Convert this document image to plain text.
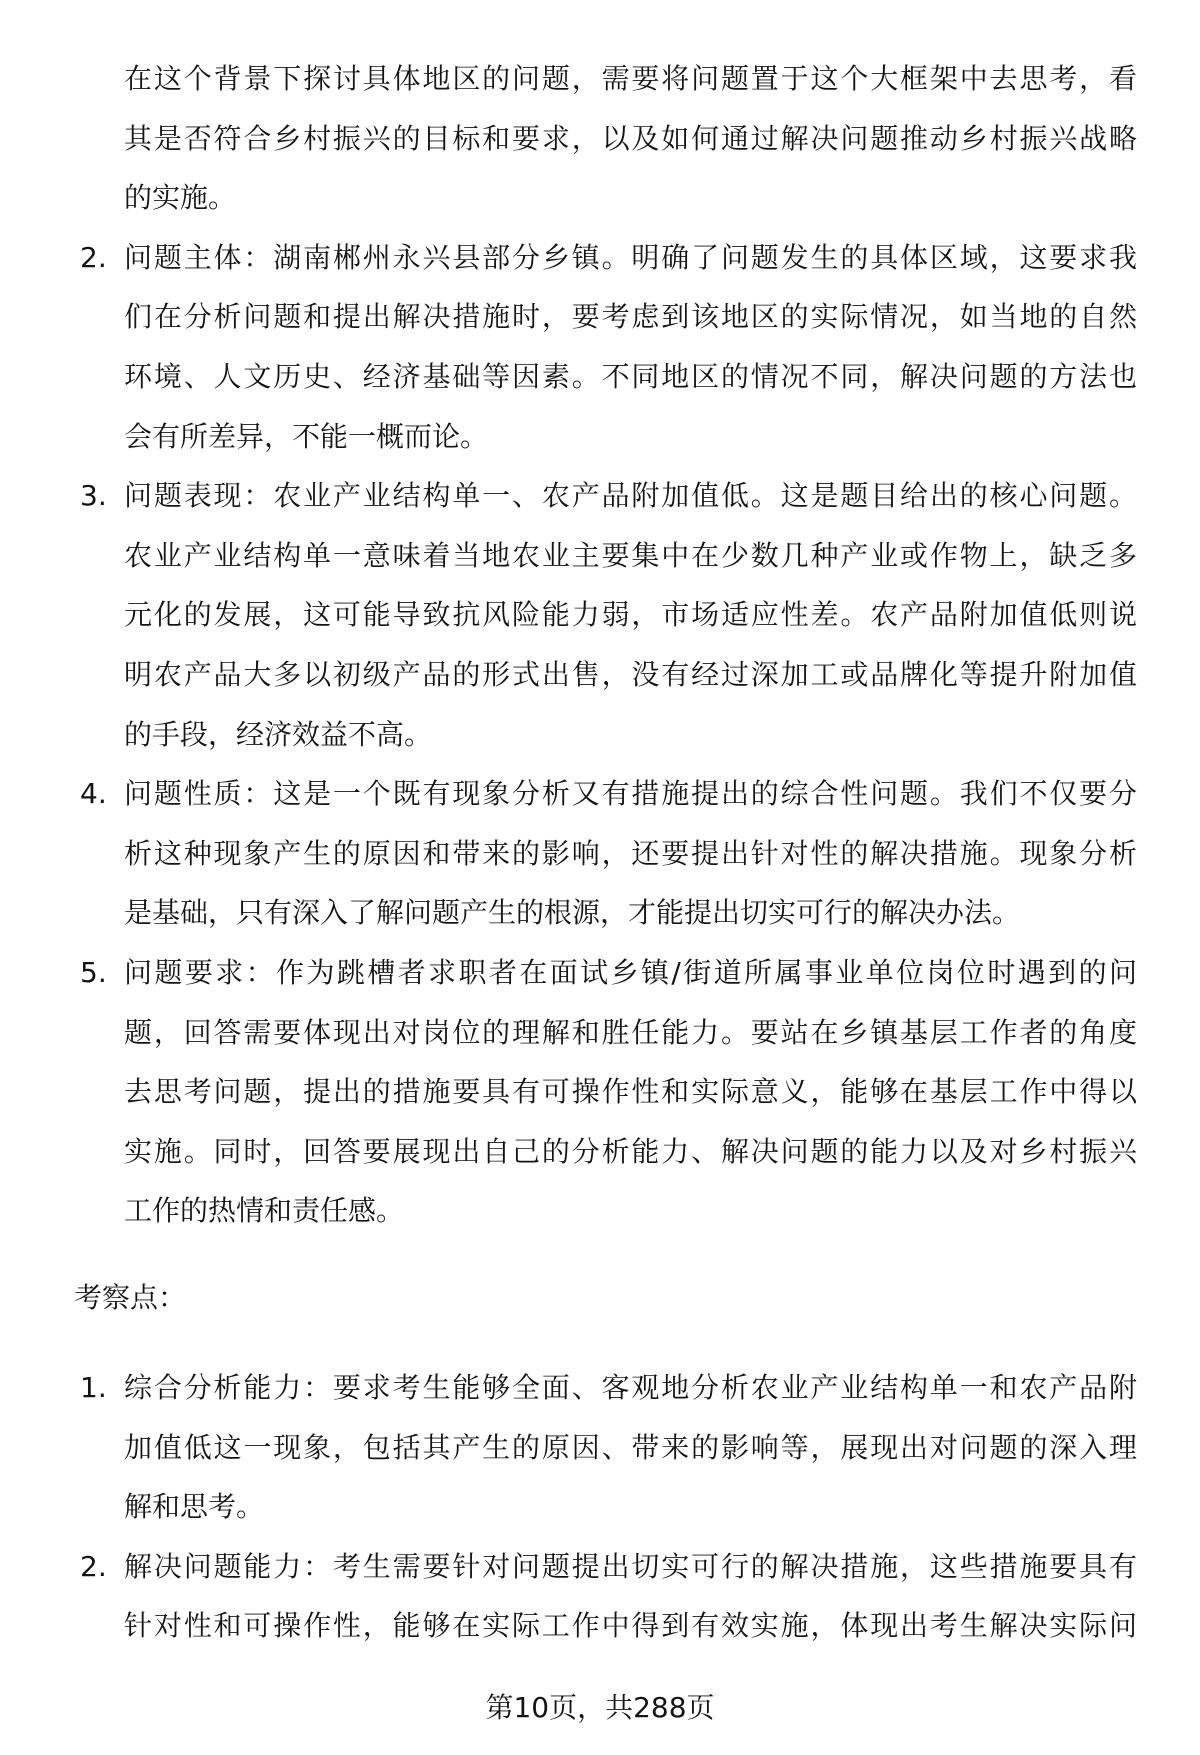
在这个背景下探讨具体地区的问题，需要将问题置于这个大框架中去思考，看
其是否符合乡村振兴的目标和要求，以及如何通过解决问题推动乡村振兴战略
的实施。
2. 问题主体：湖南郴州永兴县部分乡镇。明确了问题发生的具体区域，这要求我
们在分析问题和提出解决措施时，要考虑到该地区的实际情况，如当地的自然
环境、人文历史、经济基础等因素。不同地区的情况不同，解决问题的方法也
会有所差异，不能一概而论。
3. 问题表现：农业产业结构单一、农产品附加值低。这是题目给出的核心问题。
农业产业结构单一意味着当地农业主要集中在少数几种产业或作物上，缺乏多
元化的发展，这可能导致抗风险能力弱，市场适应性差。农产品附加值低则说
明农产品大多以初级产品的形式出售，没有经过深加工或品牌化等提升附加值
的手段，经济效益不高。
4. 问题性质：这是一个既有现象分析又有措施提出的综合性问题。我们不仅要分
析这种现象产生的原因和带来的影响，还要提出针对性的解决措施。现象分析
是基础，只有深入了解问题产生的根源，才能提出切实可行的解决办法。
5. 问题要求：作为跳槽者求职者在面试乡镇/街道所属事业单位岗位时遇到的问
题，回答需要体现出对岗位的理解和胜任能力。要站在乡镇基层工作者的角度
去思考问题，提出的措施要具有可操作性和实际意义，能够在基层工作中得以
实施。同时，回答要展现出自己的分析能力、解决问题的能力以及对乡村振兴
工作的热情和责任感。
考察点：
1. 综合分析能力：要求考生能够全面、客观地分析农业产业结构单一和农产品附
加值低这一现象，包括其产生的原因、带来的影响等，展现出对问题的深入理
解和思考。
2. 解决问题能力：考生需要针对问题提出切实可行的解决措施，这些措施要具有
针对性和可操作性，能够在实际工作中得到有效实施，体现出考生解决实际问
第10页，共288页
